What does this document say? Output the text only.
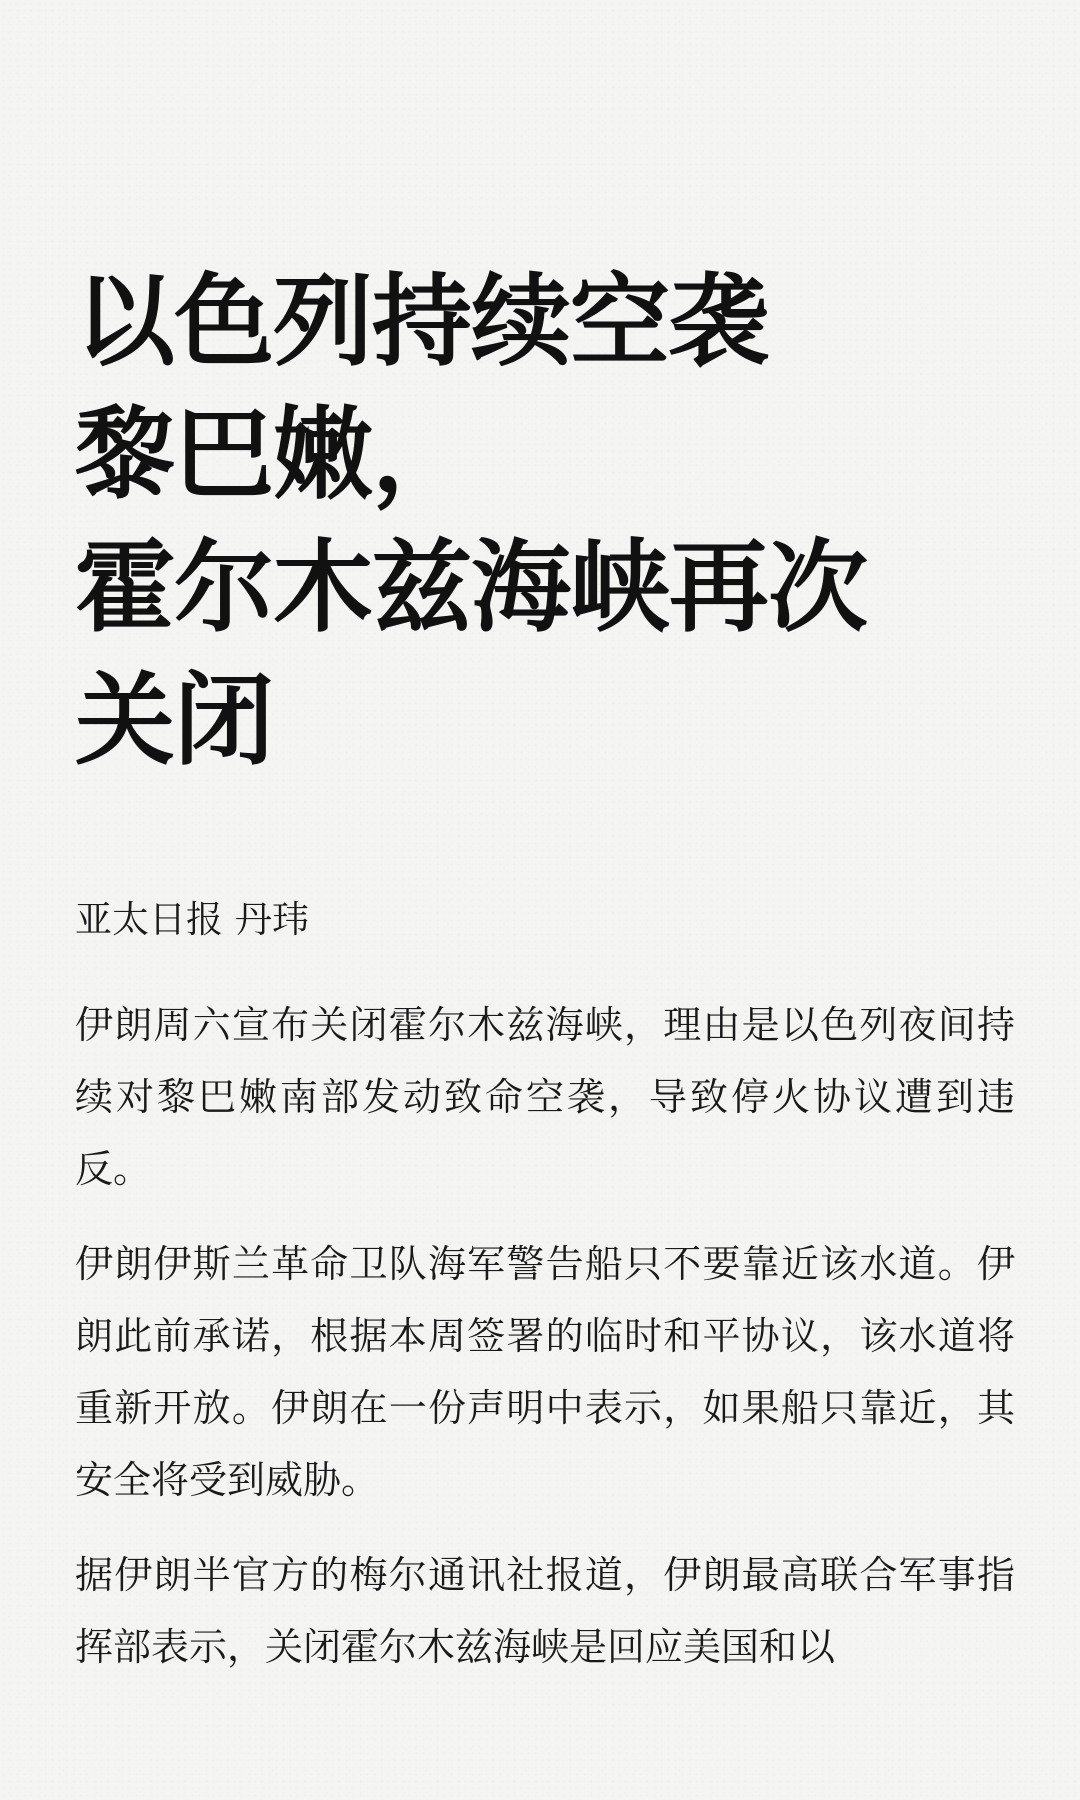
以色列持续空袭
黎巴嫩，
霍尔木兹海峡再次
关闭
亚太日报 丹玮

伊朗周六宣布关闭霍尔木兹海峡，理由是以色列夜间持续对黎巴嫩南部发动致命空袭，导致停火协议遭到违反。

伊朗伊斯兰革命卫队海军警告船只不要靠近该水道。伊朗此前承诺，根据本周签署的临时和平协议，该水道将重新开放。伊朗在一份声明中表示，如果船只靠近，其安全将受到威胁。

据伊朗半官方的梅尔通讯社报道，伊朗最高联合军事指挥部表示，关闭霍尔木兹海峡是回应美国和以
